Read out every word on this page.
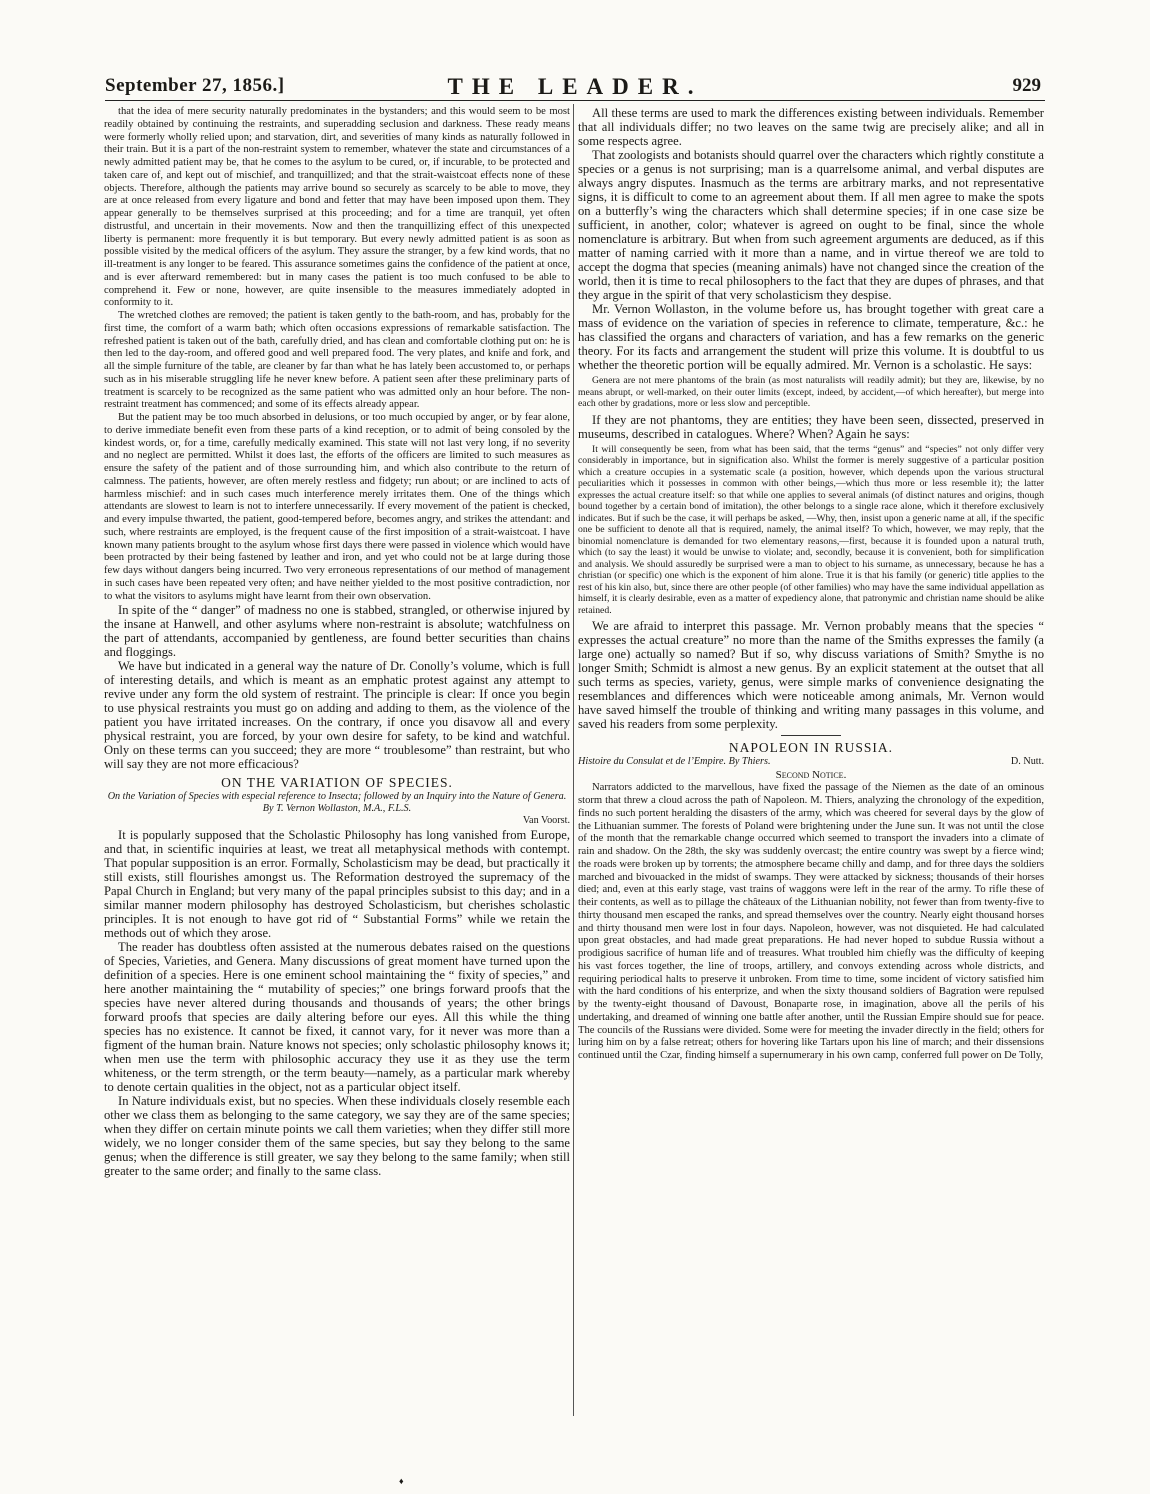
September 27, 1856.]	THE LEADER.	929

that the idea of mere security naturally predominates in the bystanders; and this would seem to be most readily obtained by continuing the restraints, and superadding seclusion and darkness. These ready means were formerly wholly relied upon; and starvation, dirt, and severities of many kinds as naturally followed in their train. But it is a part of the non-restraint system to remember, whatever the state and circumstances of a newly admitted patient may be, that he comes to the asylum to be cured, or, if incurable, to be protected and taken care of, and kept out of mischief, and tranquillized; and that the strait-waistcoat effects none of these objects. Therefore, although the patients may arrive bound so securely as scarcely to be able to move, they are at once released from every ligature and bond and fetter that may have been imposed upon them. They appear generally to be themselves surprised at this proceeding; and for a time are tranquil, yet often distrustful, and uncertain in their movements. Now and then the tranquillizing effect of this unexpected liberty is permanent: more frequently it is but temporary. But every newly admitted patient is as soon as possible visited by the medical officers of the asylum. They assure the stranger, by a few kind words, that no ill-treatment is any longer to be feared. This assurance sometimes gains the confidence of the patient at once, and is ever afterward remembered: but in many cases the patient is too much confused to be able to comprehend it. Few or none, however, are quite insensible to the measures immediately adopted in conformity to it.

The wretched clothes are removed; the patient is taken gently to the bath-room, and has, probably for the first time, the comfort of a warm bath; which often occasions expressions of remarkable satisfaction. The refreshed patient is taken out of the bath, carefully dried, and has clean and comfortable clothing put on: he is then led to the day-room, and offered good and well prepared food. The very plates, and knife and fork, and all the simple furniture of the table, are cleaner by far than what he has lately been accustomed to, or perhaps such as in his miserable struggling life he never knew before. A patient seen after these preliminary parts of treatment is scarcely to be recognized as the same patient who was admitted only an hour before. The non-restraint treatment has commenced; and some of its effects already appear.

But the patient may be too much absorbed in delusions, or too much occupied by anger, or by fear alone, to derive immediate benefit even from these parts of a kind reception, or to admit of being consoled by the kindest words, or, for a time, carefully medically examined. This state will not last very long, if no severity and no neglect are permitted. Whilst it does last, the efforts of the officers are limited to such measures as ensure the safety of the patient and of those surrounding him, and which also contribute to the return of calmness. The patients, however, are often merely restless and fidgety; run about; or are inclined to acts of harmless mischief: and in such cases much interference merely irritates them. One of the things which attendants are slowest to learn is not to interfere unnecessarily. If every movement of the patient is checked, and every impulse thwarted, the patient, good-tempered before, becomes angry, and strikes the attendant: and such, where restraints are employed, is the frequent cause of the first imposition of a strait-waistcoat. I have known many patients brought to the asylum whose first days there were passed in violence which would have been protracted by their being fastened by leather and iron, and yet who could not be at large during those few days without dangers being incurred. Two very erroneous representations of our method of management in such cases have been repeated very often; and have neither yielded to the most positive contradiction, nor to what the visitors to asylums might have learnt from their own observation.

In spite of the “ danger” of madness no one is stabbed, strangled, or otherwise injured by the insane at Hanwell, and other asylums where non-restraint is absolute; watchfulness on the part of attendants, accompanied by gentleness, are found better securities than chains and floggings.

We have but indicated in a general way the nature of Dr. Conolly’s volume, which is full of interesting details, and which is meant as an emphatic protest against any attempt to revive under any form the old system of restraint. The principle is clear: If once you begin to use physical restraints you must go on adding and adding to them, as the violence of the patient you have irritated increases. On the contrary, if once you disavow all and every physical restraint, you are forced, by your own desire for safety, to be kind and watchful. Only on these terms can you succeed; they are more “ troublesome” than restraint, but who will say they are not more efficacious?

ON THE VARIATION OF SPECIES.

On the Variation of Species with especial reference to Insecta; followed by an Inquiry into the Nature of Genera. By T. Vernon Wollaston, M.A., F.L.S.

Van Voorst.

It is popularly supposed that the Scholastic Philosophy has long vanished from Europe, and that, in scientific inquiries at least, we treat all metaphysical methods with contempt. That popular supposition is an error. Formally, Scholasticism may be dead, but practically it still exists, still flourishes amongst us. The Reformation destroyed the supremacy of the Papal Church in England; but very many of the papal principles subsist to this day; and in a similar manner modern philosophy has destroyed Scholasticism, but cherishes scholastic principles. It is not enough to have got rid of “ Substantial Forms” while we retain the methods out of which they arose.

The reader has doubtless often assisted at the numerous debates raised on the questions of Species, Varieties, and Genera. Many discussions of great moment have turned upon the definition of a species. Here is one eminent school maintaining the “ fixity of species,” and here another maintaining the “ mutability of species;” one brings forward proofs that the species have never altered during thousands and thousands of years; the other brings forward proofs that species are daily altering before our eyes. All this while the thing species has no existence. It cannot be fixed, it cannot vary, for it never was more than a figment of the human brain. Nature knows not species; only scholastic philosophy knows it; when men use the term with philosophic accuracy they use it as they use the term whiteness, or the term strength, or the term beauty—namely, as a particular mark whereby to denote certain qualities in the object, not as a particular object itself.

In Nature individuals exist, but no species. When these individuals closely resemble each other we class them as belonging to the same category, we say they are of the same species; when they differ on certain minute points we call them varieties; when they differ still more widely, we no longer consider them of the same species, but say they belong to the same genus; when the difference is still greater, we say they belong to the same family; when still greater to the same order; and finally to the same class.

All these terms are used to mark the differences existing between individuals. Remember that all individuals differ; no two leaves on the same twig are precisely alike; and all in some respects agree.

That zoologists and botanists should quarrel over the characters which rightly constitute a species or a genus is not surprising; man is a quarrelsome animal, and verbal disputes are always angry disputes. Inasmuch as the terms are arbitrary marks, and not representative signs, it is difficult to come to an agreement about them. If all men agree to make the spots on a butterfly’s wing the characters which shall determine species; if in one case size be sufficient, in another, color; whatever is agreed on ought to be final, since the whole nomenclature is arbitrary. But when from such agreement arguments are deduced, as if this matter of naming carried with it more than a name, and in virtue thereof we are told to accept the dogma that species (meaning animals) have not changed since the creation of the world, then it is time to recal philosophers to the fact that they are dupes of phrases, and that they argue in the spirit of that very scholasticism they despise.

Mr. Vernon Wollaston, in the volume before us, has brought together with great care a mass of evidence on the variation of species in reference to climate, temperature, &c.: he has classified the organs and characters of variation, and has a few remarks on the generic theory. For its facts and arrangement the student will prize this volume. It is doubtful to us whether the theoretic portion will be equally admired. Mr. Vernon is a scholastic. He says:

Genera are not mere phantoms of the brain (as most naturalists will readily admit); but they are, likewise, by no means abrupt, or well-marked, on their outer limits (except, indeed, by accident,—of which hereafter), but merge into each other by gradations, more or less slow and perceptible.

If they are not phantoms, they are entities; they have been seen, dissected, preserved in museums, described in catalogues. Where? When? Again he says:

It will consequently be seen, from what has been said, that the terms “genus” and “species” not only differ very considerably in importance, but in signification also. Whilst the former is merely suggestive of a particular position which a creature occupies in a systematic scale (a position, however, which depends upon the various structural peculiarities which it possesses in common with other beings,—which thus more or less resemble it); the latter expresses the actual creature itself: so that while one applies to several animals (of distinct natures and origins, though bound together by a certain bond of imitation), the other belongs to a single race alone, which it therefore exclusively indicates. But if such be the case, it will perhaps be asked, —Why, then, insist upon a generic name at all, if the specific one be sufficient to denote all that is required, namely, the animal itself? To which, however, we may reply, that the binomial nomenclature is demanded for two elementary reasons,—first, because it is founded upon a natural truth, which (to say the least) it would be unwise to violate; and, secondly, because it is convenient, both for simplification and analysis. We should assuredly be surprised were a man to object to his surname, as unnecessary, because he has a christian (or specific) one which is the exponent of him alone. True it is that his family (or generic) title applies to the rest of his kin also, but, since there are other people (of other families) who may have the same individual appellation as himself, it is clearly desirable, even as a matter of expediency alone, that patronymic and christian name should be alike retained.

We are afraid to interpret this passage. Mr. Vernon probably means that the species “ expresses the actual creature” no more than the name of the Smiths expresses the family (a large one) actually so named? But if so, why discuss variations of Smith? Smythe is no longer Smith; Schmidt is almost a new genus. By an explicit statement at the outset that all such terms as species, variety, genus, were simple marks of convenience designating the resemblances and differences which were noticeable among animals, Mr. Vernon would have saved himself the trouble of thinking and writing many passages in this volume, and saved his readers from some perplexity.

NAPOLEON IN RUSSIA.
Histoire du Consulat et de l’Empire. By Thiers.	D. Nutt.
Second Notice.

Narrators addicted to the marvellous, have fixed the passage of the Niemen as the date of an ominous storm that threw a cloud across the path of Napoleon. M. Thiers, analyzing the chronology of the expedition, finds no such portent heralding the disasters of the army, which was cheered for several days by the glow of the Lithuanian summer. The forests of Poland were brightening under the June sun. It was not until the close of the month that the remarkable change occurred which seemed to transport the invaders into a climate of rain and shadow. On the 28th, the sky was suddenly overcast; the entire country was swept by a fierce wind; the roads were broken up by torrents; the atmosphere became chilly and damp, and for three days the soldiers marched and bivouacked in the midst of swamps. They were attacked by sickness; thousands of their horses died; and, even at this early stage, vast trains of waggons were left in the rear of the army. To rifle these of their contents, as well as to pillage the châteaux of the Lithuanian nobility, not fewer than from twenty-five to thirty thousand men escaped the ranks, and spread themselves over the country. Nearly eight thousand horses and thirty thousand men were lost in four days. Napoleon, however, was not disquieted. He had calculated upon great obstacles, and had made great preparations. He had never hoped to subdue Russia without a prodigious sacrifice of human life and of treasures. What troubled him chiefly was the difficulty of keeping his vast forces together, the line of troops, artillery, and convoys extending across whole districts, and requiring periodical halts to preserve it unbroken. From time to time, some incident of victory satisfied him with the hard conditions of his enterprize, and when the sixty thousand soldiers of Bagration were repulsed by the twenty-eight thousand of Davoust, Bonaparte rose, in imagination, above all the perils of his undertaking, and dreamed of winning one battle after another, until the Russian Empire should sue for peace. The councils of the Russians were divided. Some were for meeting the invader directly in the field; others for luring him on by a false retreat; others for hovering like Tartars upon his line of march; and their dissensions continued until the Czar, finding himself a supernumerary in his own camp, conferred full power on De Tolly,

♦
